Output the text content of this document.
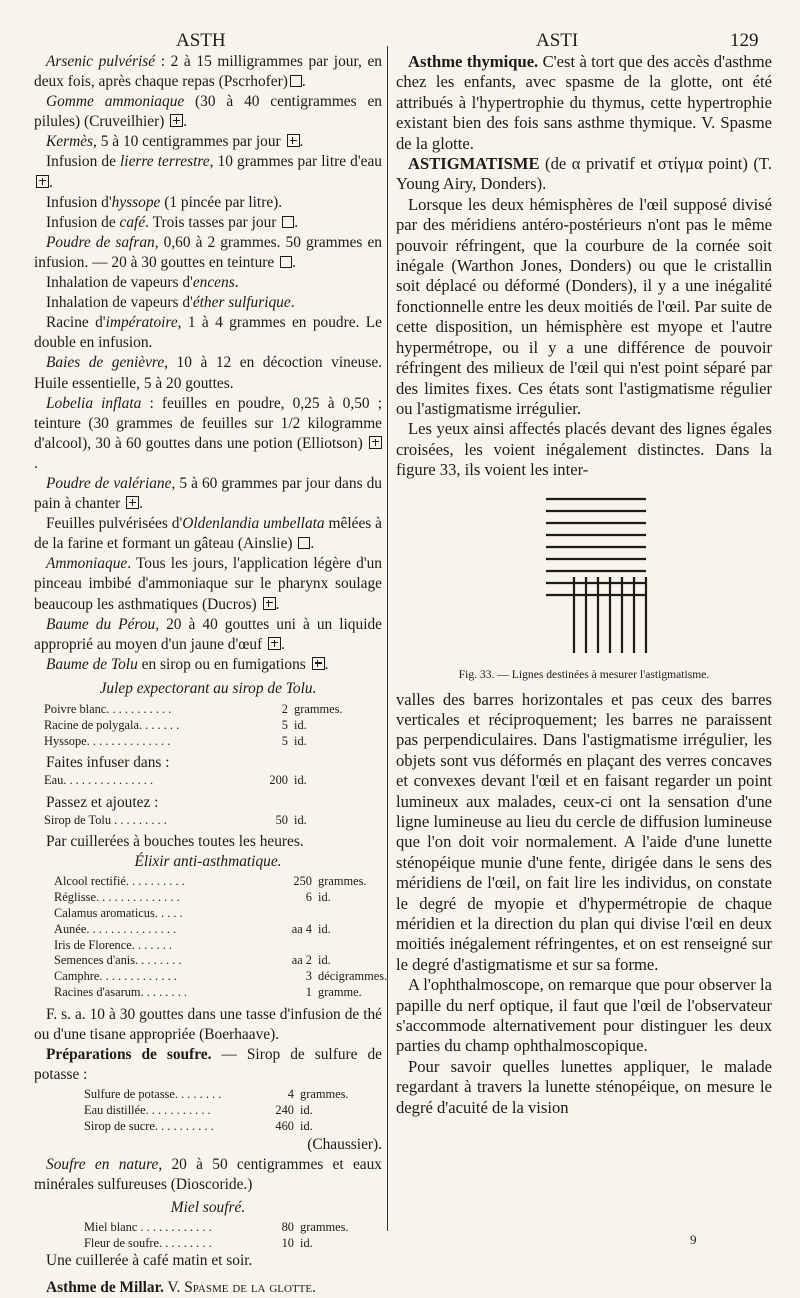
ASTH	ASTI	129

Arsenic pulvérisé : 2 à 15 milligrammes par jour, en deux fois, après chaque repas (Pscrhofer) .

Gomme ammoniaque (30 à 40 centigrammes en pilules) (Cruveilhier) .

Kermès, 5 à 10 centigrammes par jour .

Infusion de lierre terrestre, 10 grammes par litre d'eau .

Infusion d'hyssope (1 pincée par litre).

Infusion de café. Trois tasses par jour .

Poudre de safran, 0,60 à 2 grammes. 50 grammes en infusion. — 20 à 30 gouttes en teinture .

Inhalation de vapeurs d'encens.

Inhalation de vapeurs d'éther sulfurique.

Racine d'impératoire, 1 à 4 grammes en poudre. Le double en infusion.

Baies de genièvre, 10 à 12 en décoction vineuse. Huile essentielle, 5 à 20 gouttes.

Lobelia inflata : feuilles en poudre, 0,25 à 0,50 ; teinture (30 grammes de feuilles sur 1/2 kilogramme d'alcool), 30 à 60 gouttes dans une potion (Elliotson) .

Poudre de valériane, 5 à 60 grammes par jour dans du pain à chanter .

Feuilles pulvérisées d'Oldenlandia umbellata mêlées à de la farine et formant un gâteau (Ainslie) .

Ammoniaque. Tous les jours, l'application légère d'un pinceau imbibé d'ammoniaque sur le pharynx soulage beaucoup les asthmatiques (Ducros) .

Baume du Pérou, 20 à 40 gouttes uni à un liquide approprié au moyen d'un jaune d'œuf .

Baume de Tolu en sirop ou en fumigations .

Julep expectorant au sirop de Tolu.

Poivre blanc. . . . . . . . . . .	2 grammes.
Racine de polygala. . . . . . .	5 id.
Hyssope. . . . . . . . . . . . . .	5 id.

Faites infuser dans :

Eau. . . . . . . . . . . . . . .	200 id.

Passez et ajoutez :

Sirop de Tolu . . . . . . . . .	50 id.

Par cuillerées à bouches toutes les heures.

Élixir anti-asthmatique.

Alcool rectifié. . . . . . . . . .	250 grammes.
Réglisse. . . . . . . . . . . . . .	6 id.
Calamus aromaticus. . . . .
Aunée. . . . . . . . . . . . . . .	aa 4 id.
Iris de Florence. . . . . . .
Semences d'anis. . . . . . . .	aa 2 id.
Camphre. . . . . . . . . . . . .	3 décigrammes.
Racines d'asarum. . . . . . . .	1 gramme.

F. s. a. 10 à 30 gouttes dans une tasse d'infusion de thé ou d'une tisane appropriée (Boerhaave).

Préparations de soufre. — Sirop de sulfure de potasse :

Sulfure de potasse. . . . . . . .	4 grammes.
Eau distillée. . . . . . . . . . .	240 id.
Sirop de sucre. . . . . . . . . .	460 id.

(Chaussier).

Soufre en nature, 20 à 50 centigrammes et eaux minérales sulfureuses (Dioscoride.)

Miel soufré.

Miel blanc . . . . . . . . . . . .	80 grammes.
Fleur de soufre. . . . . . . . .	10 id.

Une cuillerée à café matin et soir.

Asthme de Millar. V. Spasme de la glotte.

Asthme thymique. C'est à tort que des accès d'asthme chez les enfants, avec spasme de la glotte, ont été attribués à l'hypertrophie du thymus, cette hypertrophie existant bien des fois sans asthme thymique. V. Spasme de la glotte.

ASTIGMATISME (de α privatif et στίγμα point) (T. Young Airy, Donders).

Lorsque les deux hémisphères de l'œil supposé divisé par des méridiens antéro-postérieurs n'ont pas le même pouvoir réfringent, que la courbure de la cornée soit inégale (Warthon Jones, Donders) ou que le cristallin soit déplacé ou déformé (Donders), il y a une inégalité fonctionnelle entre les deux moitiés de l'œil. Par suite de cette disposition, un hémisphère est myope et l'autre hypermétrope, ou il y a une différence de pouvoir réfringent des milieux de l'œil qui n'est point séparé par des limites fixes. Ces états sont l'astigmatisme régulier ou l'astigmatisme irrégulier.

Les yeux ainsi affectés placés devant des lignes égales croisées, les voient inégalement distinctes. Dans la figure 33, ils voient les inter-

Fig. 33. — Lignes destinées à mesurer l'astigmatisme.

valles des barres horizontales et pas ceux des barres verticales et réciproquement; les barres ne paraissent pas perpendiculaires. Dans l'astigmatisme irrégulier, les objets sont vus déformés en plaçant des verres concaves et convexes devant l'œil et en faisant regarder un point lumineux aux malades, ceux-ci ont la sensation d'une ligne lumineuse au lieu du cercle de diffusion lumineuse que l'on doit voir normalement. A l'aide d'une lunette sténopéique munie d'une fente, dirigée dans le sens des méridiens de l'œil, on fait lire les individus, on constate le degré de myopie et d'hypermétropie de chaque méridien et la direction du plan qui divise l'œil en deux moitiés inégalement réfringentes, et on est renseigné sur le degré d'astigmatisme et sur sa forme.

A l'ophthalmoscope, on remarque que pour observer la papille du nerf optique, il faut que l'œil de l'observateur s'accommode alternativement pour distinguer les deux parties du champ ophthalmoscopique.

Pour savoir quelles lunettes appliquer, le malade regardant à travers la lunette sténopéique, on mesure le degré d'acuité de la vision

9
